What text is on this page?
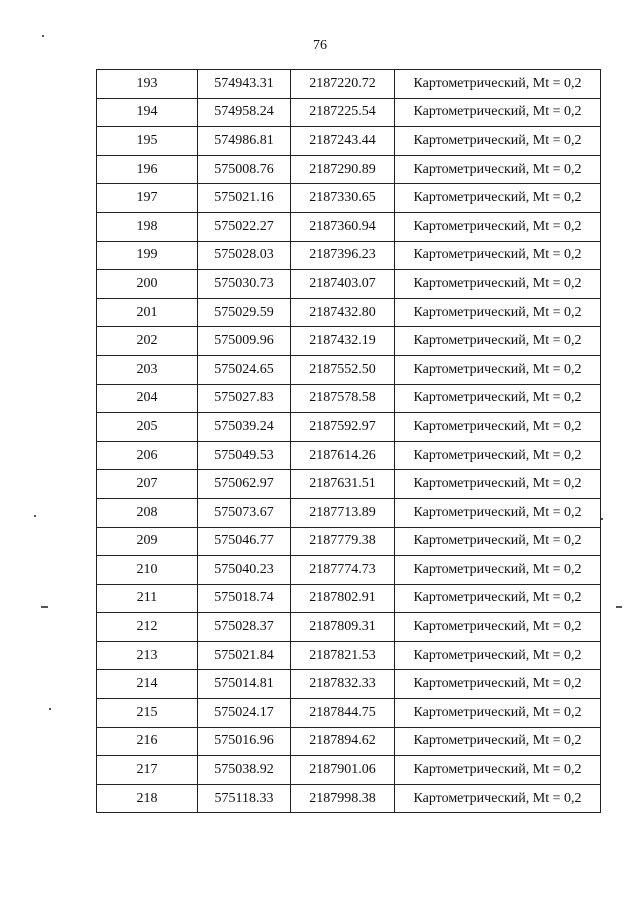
76
193	574943.31	2187220.72	Картометрический, Mt = 0,2
194	574958.24	2187225.54	Картометрический, Mt = 0,2
195	574986.81	2187243.44	Картометрический, Mt = 0,2
196	575008.76	2187290.89	Картометрический, Mt = 0,2
197	575021.16	2187330.65	Картометрический, Mt = 0,2
198	575022.27	2187360.94	Картометрический, Mt = 0,2
199	575028.03	2187396.23	Картометрический, Mt = 0,2
200	575030.73	2187403.07	Картометрический, Mt = 0,2
201	575029.59	2187432.80	Картометрический, Mt = 0,2
202	575009.96	2187432.19	Картометрический, Mt = 0,2
203	575024.65	2187552.50	Картометрический, Mt = 0,2
204	575027.83	2187578.58	Картометрический, Mt = 0,2
205	575039.24	2187592.97	Картометрический, Mt = 0,2
206	575049.53	2187614.26	Картометрический, Mt = 0,2
207	575062.97	2187631.51	Картометрический, Mt = 0,2
208	575073.67	2187713.89	Картометрический, Mt = 0,2
209	575046.77	2187779.38	Картометрический, Mt = 0,2
210	575040.23	2187774.73	Картометрический, Mt = 0,2
211	575018.74	2187802.91	Картометрический, Mt = 0,2
212	575028.37	2187809.31	Картометрический, Mt = 0,2
213	575021.84	2187821.53	Картометрический, Mt = 0,2
214	575014.81	2187832.33	Картометрический, Mt = 0,2
215	575024.17	2187844.75	Картометрический, Mt = 0,2
216	575016.96	2187894.62	Картометрический, Mt = 0,2
217	575038.92	2187901.06	Картометрический, Mt = 0,2
218	575118.33	2187998.38	Картометрический, Mt = 0,2
